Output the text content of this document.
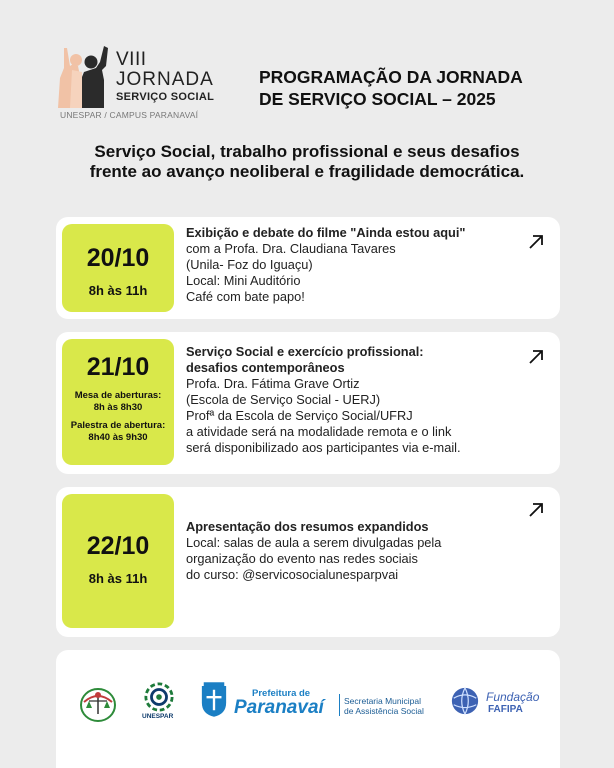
VIII
JORNADA
SERVIÇO SOCIAL
UNESPAR / CAMPUS PARANAVAÍ
PROGRAMAÇÃO DA JORNADA
DE SERVIÇO SOCIAL – 2025
Serviço Social, trabalho profissional e seus desafios
frente ao avanço neoliberal e fragilidade democrática.
20/10
8h às 11h
Exibição e debate do filme "Ainda estou aqui"
com a Profa. Dra. Claudiana Tavares
(Unila- Foz do Iguaçu)
Local: Mini Auditório
Café com bate papo!
21/10
Mesa de aberturas:
8h às 8h30
Palestra de abertura:
8h40 às 9h30
Serviço Social e exercício profissional:
desafios contemporâneos
Profa. Dra. Fátima Grave Ortiz
(Escola de Serviço Social - UERJ)
Profª da Escola de Serviço Social/UFRJ
a atividade será na modalidade remota e o link
será disponibilizado aos participantes via e-mail.
22/10
8h às 11h
Apresentação dos resumos expandidos
Local: salas de aula a serem divulgadas pela
organização do evento nas redes sociais
do curso: @servicosocialunesparpvai
UNESPAR
Prefeitura de
Paranavaí Secretaria Municipal
de Assistência Social
Fundação
FAFIPA
